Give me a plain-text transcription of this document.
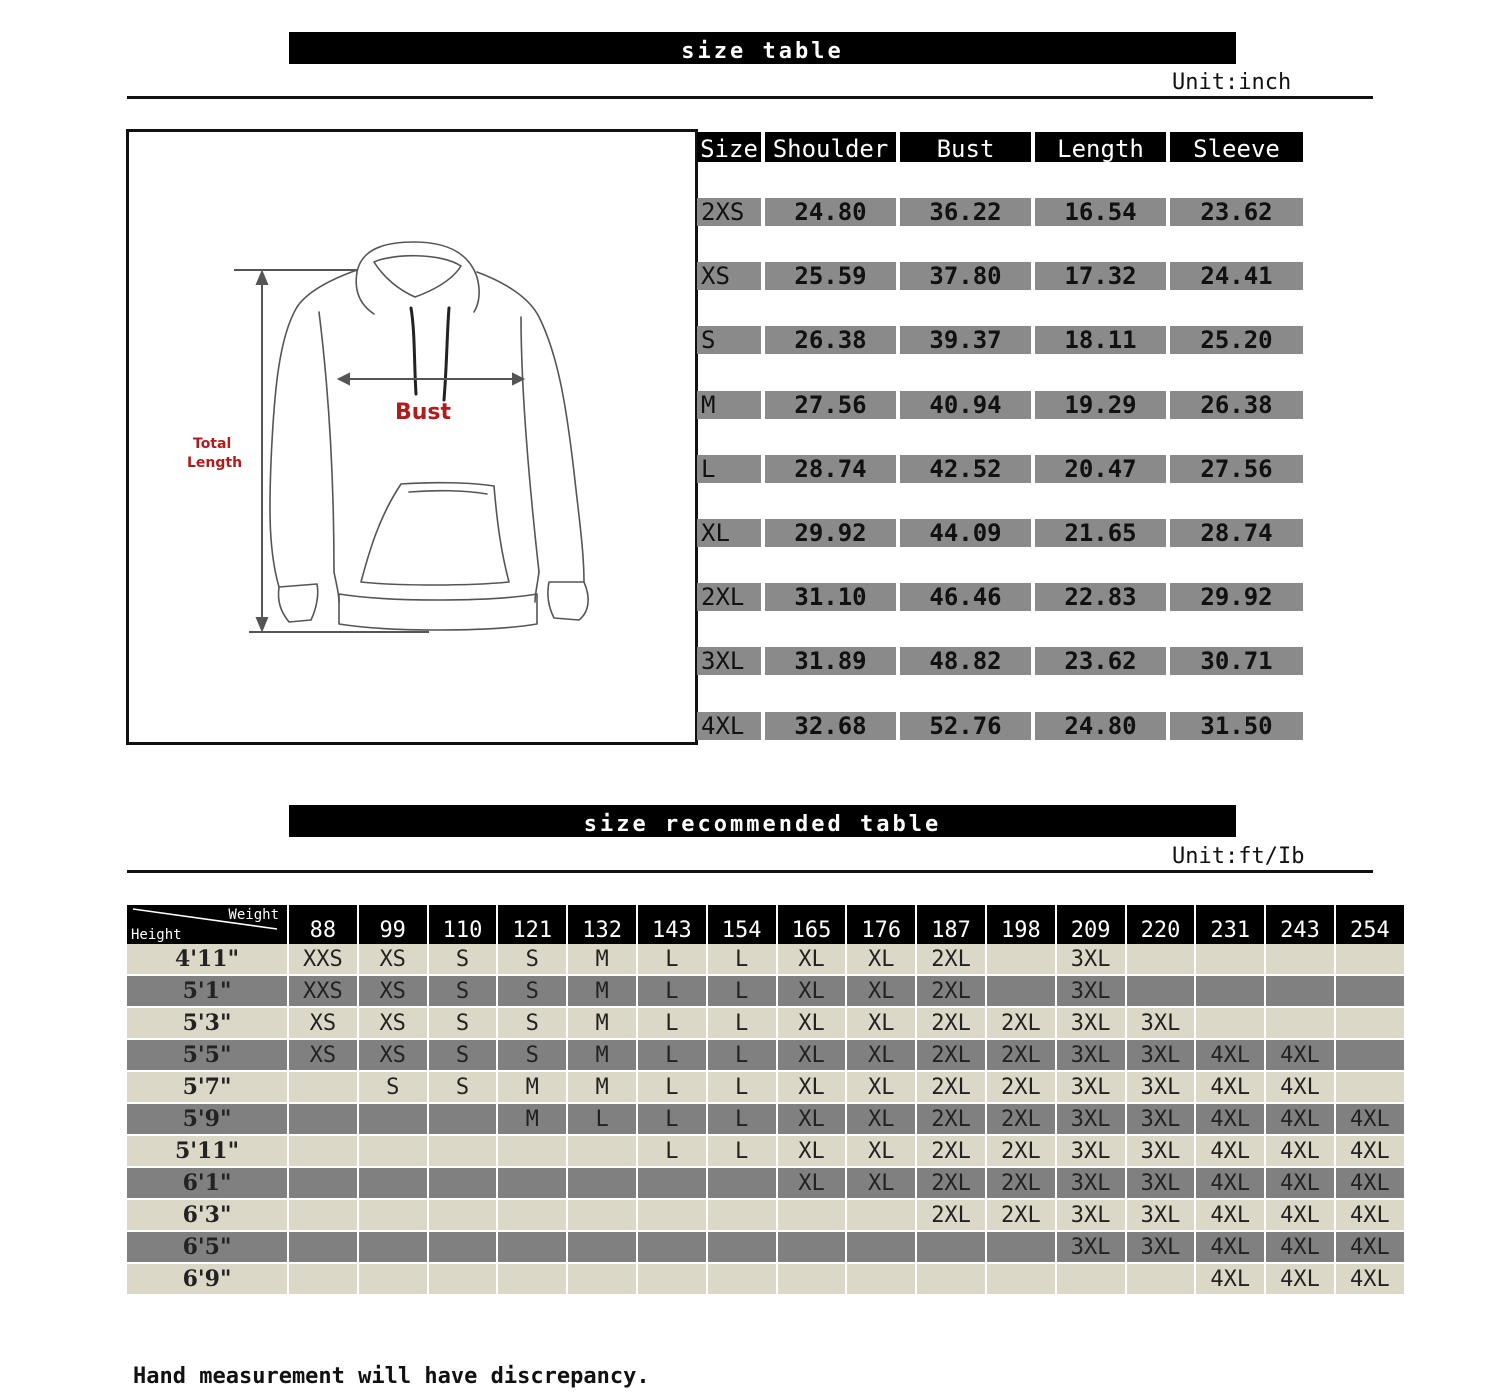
size table
Unit:inch
Bust
Total
Length
Size Shoulder	Bust	Length	Sleeve
2XS	24.80	36.22	16.54	23.62
XS	25.59	37.80	17.32	24.41
S	26.38	39.37	18.11	25.20
M	27.56	40.94	19.29	26.38
L	28.74	42.52	20.47	27.56
XL	29.92	44.09	21.65	28.74
2XL	31.10	46.46	22.83	29.92
3XL	31.89	48.82	23.62	30.71
4XL	32.68	52.76	24.80	31.50
size recommended table
Unit:ft/Ib
Weight
Height	88	99	110	121	132	143	154	165	176	187	198	209	220	231	243	254
4'11"	XXS	XS	S	S	M	L	L	XL	XL	2XL		3XL				
5'1"	XXS	XS	S	S	M	L	L	XL	XL	2XL		3XL				
5'3"	XS	XS	S	S	M	L	L	XL	XL	2XL	2XL	3XL	3XL			
5'5"	XS	XS	S	S	M	L	L	XL	XL	2XL	2XL	3XL	3XL	4XL	4XL	
5'7"		S	S	M	M	L	L	XL	XL	2XL	2XL	3XL	3XL	4XL	4XL	
5'9"				M	L	L	L	XL	XL	2XL	2XL	3XL	3XL	4XL	4XL	4XL
5'11"						L	L	XL	XL	2XL	2XL	3XL	3XL	4XL	4XL	4XL
6'1"								XL	XL	2XL	2XL	3XL	3XL	4XL	4XL	4XL
6'3"										2XL	2XL	3XL	3XL	4XL	4XL	4XL
6'5"												3XL	3XL	4XL	4XL	4XL
6'9"														4XL	4XL	4XL
Hand measurement will have discrepancy.
